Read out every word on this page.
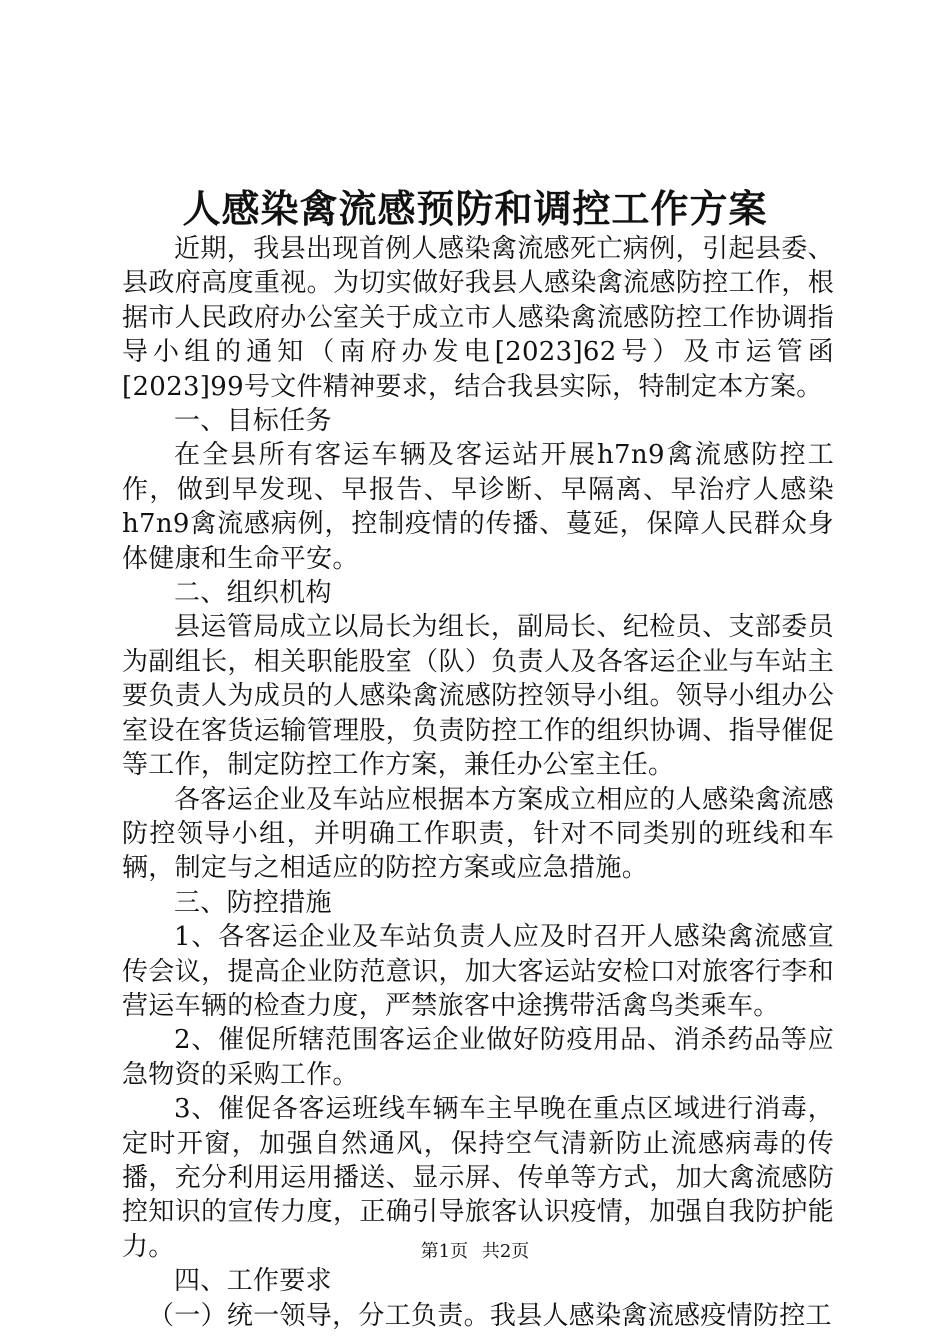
人感染禽流感预防和调控工作方案

近期，我县出现首例人感染禽流感死亡病例，引起县委、县政府高度重视。为切实做好我县人感染禽流感防控工作，根据市人民政府办公室关于成立市人感染禽流感防控工作协调指导小组的通知（南府办发电[2023]62号）及市运管函[2023]99号文件精神要求，结合我县实际，特制定本方案。

一、目标任务

在全县所有客运车辆及客运站开展h7n9禽流感防控工作，做到早发现、早报告、早诊断、早隔离、早治疗人感染h7n9禽流感病例，控制疫情的传播、蔓延，保障人民群众身体健康和生命平安。

二、组织机构

县运管局成立以局长为组长，副局长、纪检员、支部委员为副组长，相关职能股室（队）负责人及各客运企业与车站主要负责人为成员的人感染禽流感防控领导小组。领导小组办公室设在客货运输管理股，负责防控工作的组织协调、指导催促等工作，制定防控工作方案，兼任办公室主任。

各客运企业及车站应根据本方案成立相应的人感染禽流感防控领导小组，并明确工作职责，针对不同类别的班线和车辆，制定与之相适应的防控方案或应急措施。

三、防控措施

1、各客运企业及车站负责人应及时召开人感染禽流感宣传会议，提高企业防范意识，加大客运站安检口对旅客行李和营运车辆的检查力度，严禁旅客中途携带活禽鸟类乘车。

2、催促所辖范围客运企业做好防疫用品、消杀药品等应急物资的采购工作。

3、催促各客运班线车辆车主早晚在重点区域进行消毒，定时开窗，加强自然通风，保持空气清新防止流感病毒的传播，充分利用运用播送、显示屏、传单等方式，加大禽流感防控知识的宣传力度，正确引导旅客认识疫情，加强自我防护能力。

四、工作要求

（一）统一领导，分工负责。我县人感染禽流感疫情防控工

第1页 共2页
